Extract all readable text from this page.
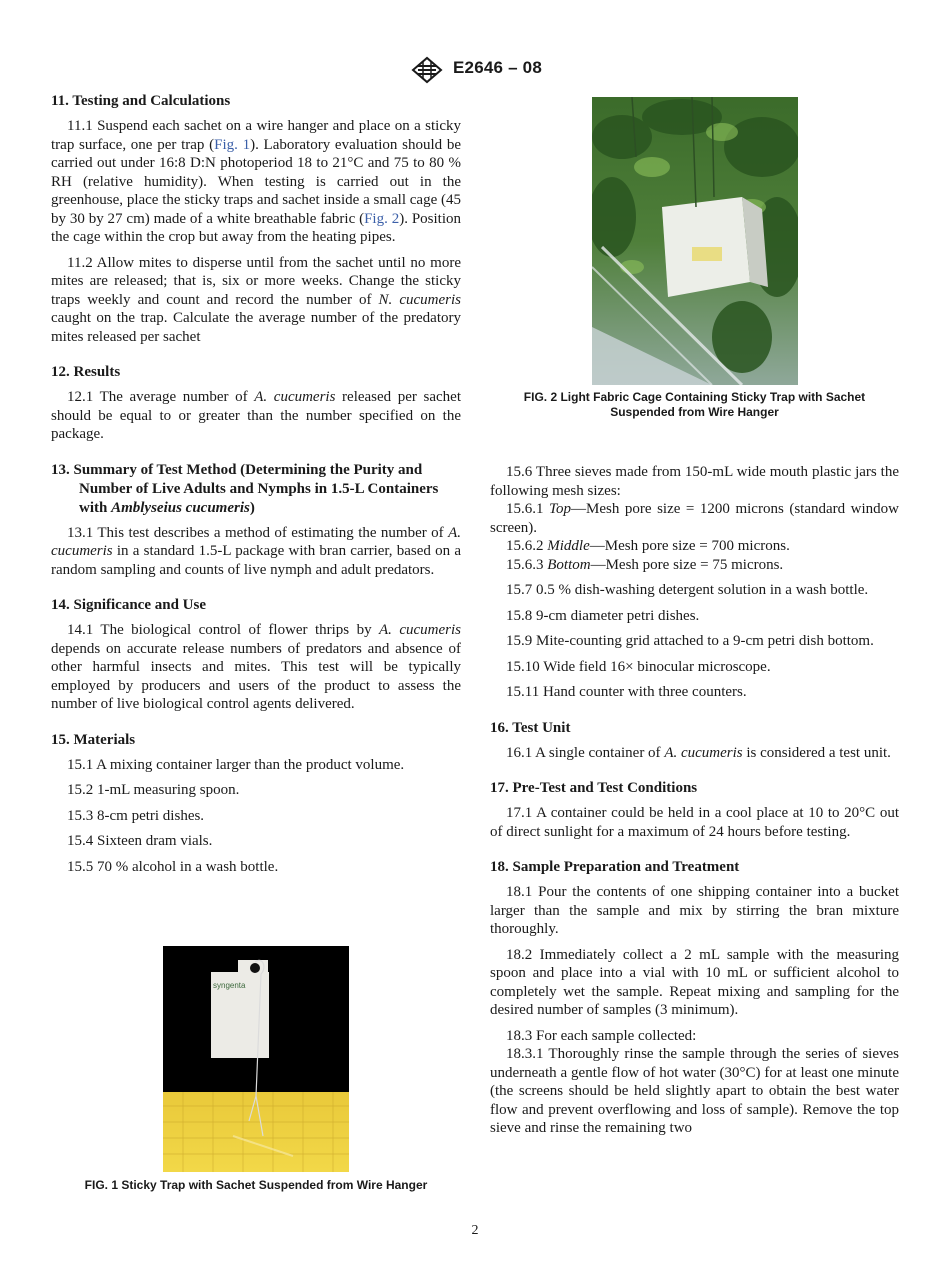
E2646 – 08
11. Testing and Calculations

11.1 Suspend each sachet on a wire hanger and place on a sticky trap surface, one per trap (Fig. 1). Laboratory evaluation should be carried out under 16:8 D:N photoperiod 18 to 21°C and 75 to 80 % RH (relative humidity). When testing is carried out in the greenhouse, place the sticky traps and sachet inside a small cage (45 by 30 by 27 cm) made of a white breathable fabric (Fig. 2). Position the cage within the crop but away from the heating pipes.

11.2 Allow mites to disperse until from the sachet until no more mites are released; that is, six or more weeks. Change the sticky traps weekly and count and record the number of N. cucumeris caught on the trap. Calculate the average number of the predatory mites released per sachet

12. Results

12.1 The average number of A. cucumeris released per sachet should be equal to or greater than the number specified on the package.

13. Summary of Test Method (Determining the Purity and Number of Live Adults and Nymphs in 1.5-L Containers with Amblyseius cucumeris)

13.1 This test describes a method of estimating the number of A. cucumeris in a standard 1.5-L package with bran carrier, based on a random sampling and counts of live nymph and adult predators.

14. Significance and Use

14.1 The biological control of flower thrips by A. cucumeris depends on accurate release numbers of predators and absence of other harmful insects and mites. This test will be typically employed by producers and users of the product to assess the number of live biological control agents delivered.

15. Materials

15.1 A mixing container larger than the product volume.

15.2 1-mL measuring spoon.

15.3 8-cm petri dishes.

15.4 Sixteen dram vials.

15.5 70 % alcohol in a wash bottle.

syngenta
FIG. 1 Sticky Trap with Sachet Suspended from Wire Hanger
FIG. 2 Light Fabric Cage Containing Sticky Trap with Sachet Suspended from Wire Hanger

15.6 Three sieves made from 150-mL wide mouth plastic jars the following mesh sizes:

15.6.1 Top—Mesh pore size = 1200 microns (standard window screen).

15.6.2 Middle—Mesh pore size = 700 microns.

15.6.3 Bottom—Mesh pore size = 75 microns.

15.7 0.5 % dish-washing detergent solution in a wash bottle.

15.8 9-cm diameter petri dishes.

15.9 Mite-counting grid attached to a 9-cm petri dish bottom.

15.10 Wide field 16× binocular microscope.

15.11 Hand counter with three counters.

16. Test Unit

16.1 A single container of A. cucumeris is considered a test unit.

17. Pre-Test and Test Conditions

17.1 A container could be held in a cool place at 10 to 20°C out of direct sunlight for a maximum of 24 hours before testing.

18. Sample Preparation and Treatment

18.1 Pour the contents of one shipping container into a bucket larger than the sample and mix by stirring the bran mixture thoroughly.

18.2 Immediately collect a 2 mL sample with the measuring spoon and place into a vial with 10 mL or sufficient alcohol to completely wet the sample. Repeat mixing and sampling for the desired number of samples (3 minimum).

18.3 For each sample collected:

18.3.1 Thoroughly rinse the sample through the series of sieves underneath a gentle flow of hot water (30°C) for at least one minute (the screens should be held slightly apart to obtain the best water flow and prevent overflowing and loss of sample). Remove the top sieve and rinse the remaining two

2
